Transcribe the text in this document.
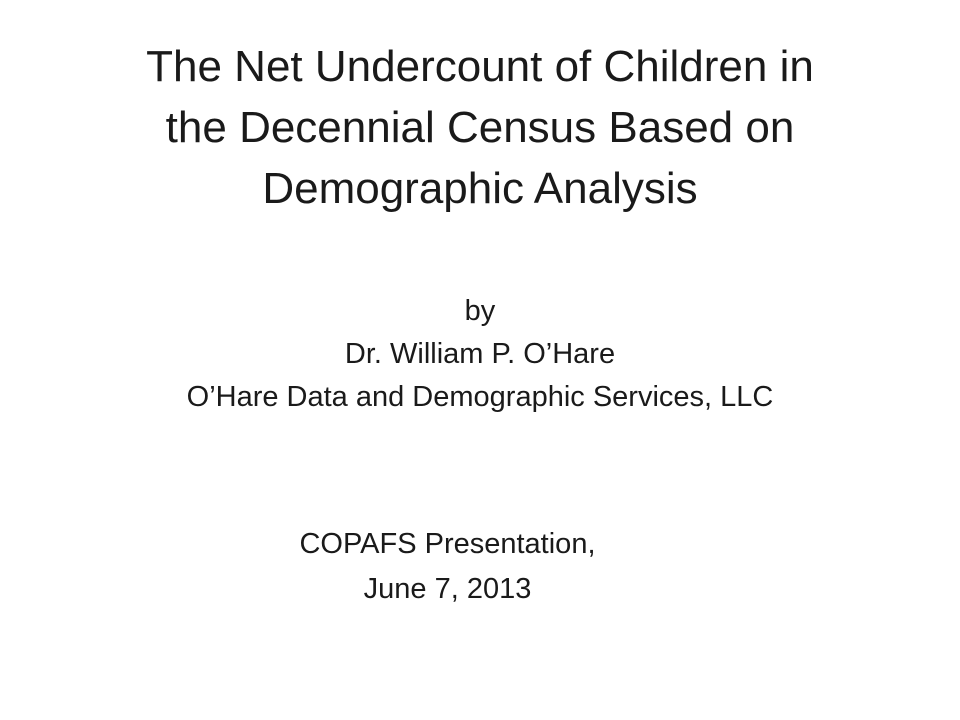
The Net Undercount of Children in
the Decennial Census Based on
Demographic Analysis
by
Dr. William P. O’Hare
O’Hare Data and Demographic Services, LLC
COPAFS Presentation,
June 7, 2013
